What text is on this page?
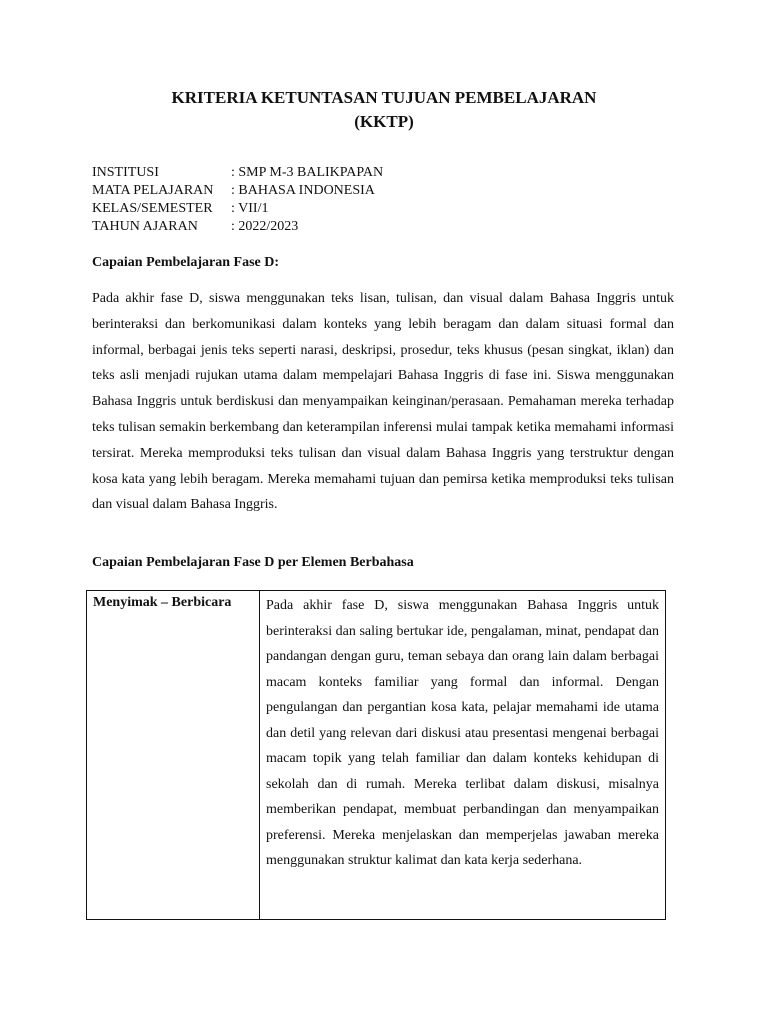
KRITERIA KETUNTASAN TUJUAN PEMBELAJARAN
(KKTP)
INSTITUSI	: SMP M-3 BALIKPAPAN
MATA PELAJARAN	: BAHASA INDONESIA
KELAS/SEMESTER	: VII/1
TAHUN AJARAN	: 2022/2023
Capaian Pembelajaran Fase D:

Pada akhir fase D, siswa menggunakan teks lisan, tulisan, dan visual dalam Bahasa Inggris untuk berinteraksi dan berkomunikasi dalam konteks yang lebih beragam dan dalam situasi formal dan informal, berbagai jenis teks seperti narasi, deskripsi, prosedur, teks khusus (pesan singkat, iklan) dan teks asli menjadi rujukan utama dalam mempelajari Bahasa Inggris di fase ini. Siswa menggunakan Bahasa Inggris untuk berdiskusi dan menyampaikan keinginan/perasaan. Pemahaman mereka terhadap teks tulisan semakin berkembang dan keterampilan inferensi mulai tampak ketika memahami informasi tersirat. Mereka memproduksi teks tulisan dan visual dalam Bahasa Inggris yang terstruktur dengan kosa kata yang lebih beragam. Mereka memahami tujuan dan pemirsa ketika memproduksi teks tulisan dan visual dalam Bahasa Inggris.

Capaian Pembelajaran Fase D per Elemen Berbahasa
Menyimak – Berbicara	Pada akhir fase D, siswa menggunakan Bahasa Inggris untuk berinteraksi dan saling bertukar ide, pengalaman, minat, pendapat dan pandangan dengan guru, teman sebaya dan orang lain dalam berbagai macam konteks familiar yang formal dan informal. Dengan pengulangan dan pergantian kosa kata, pelajar memahami ide utama dan detil yang relevan dari diskusi atau presentasi mengenai berbagai macam topik yang telah familiar dan dalam konteks kehidupan di sekolah dan di rumah. Mereka terlibat dalam diskusi, misalnya memberikan pendapat, membuat perbandingan dan menyampaikan preferensi. Mereka menjelaskan dan memperjelas jawaban mereka menggunakan struktur kalimat dan kata kerja sederhana.
